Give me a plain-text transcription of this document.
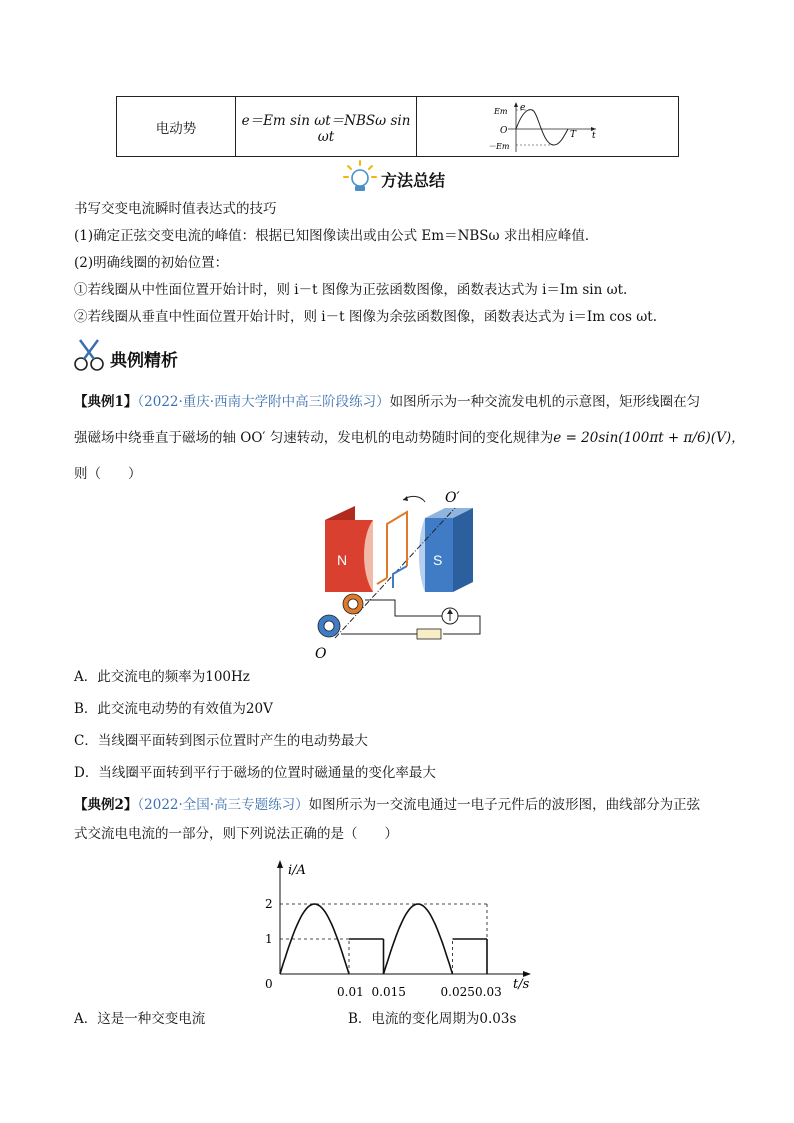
电动势	e＝Em sin ωt＝NBSω sin ωt	
e
Em
O
－Em
T t
方法总结
书写交变电流瞬时值表达式的技巧
(1)确定正弦交变电流的峰值：根据已知图像读出或由公式 Em＝NBSω 求出相应峰值．
(2)明确线圈的初始位置：
①若线圈从中性面位置开始计时，则 i－t 图像为正弦函数图像，函数表达式为 i＝Im sin ωt.
②若线圈从垂直中性面位置开始计时，则 i－t 图像为余弦函数图像，函数表达式为 i＝Im cos ωt.
典例精析
【典例1】（2022·重庆·西南大学附中高三阶段练习）如图所示为一种交流发电机的示意图，矩形线圈在匀
强磁场中绕垂直于磁场的轴 OO′ 匀速转动，发电机的电动势随时间的变化规律为e = 20sin(100πt + π/6)(V)，
则（　　）
N	S
O′
O
A．此交流电的频率为100Hz
B．此交流电动势的有效值为20V
C．当线圈平面转到图示位置时产生的电动势最大
D．当线圈平面转到平行于磁场的位置时磁通量的变化率最大
【典例2】（2022·全国·高三专题练习）如图所示为一交流电通过一电子元件后的波形图，曲线部分为正弦
式交流电电流的一部分，则下列说法正确的是（　　）
i/A
t/s
0
0.01 0.015	0.025 0.03
1
2
A．这是一种交变电流	B．电流的变化周期为0.03s
